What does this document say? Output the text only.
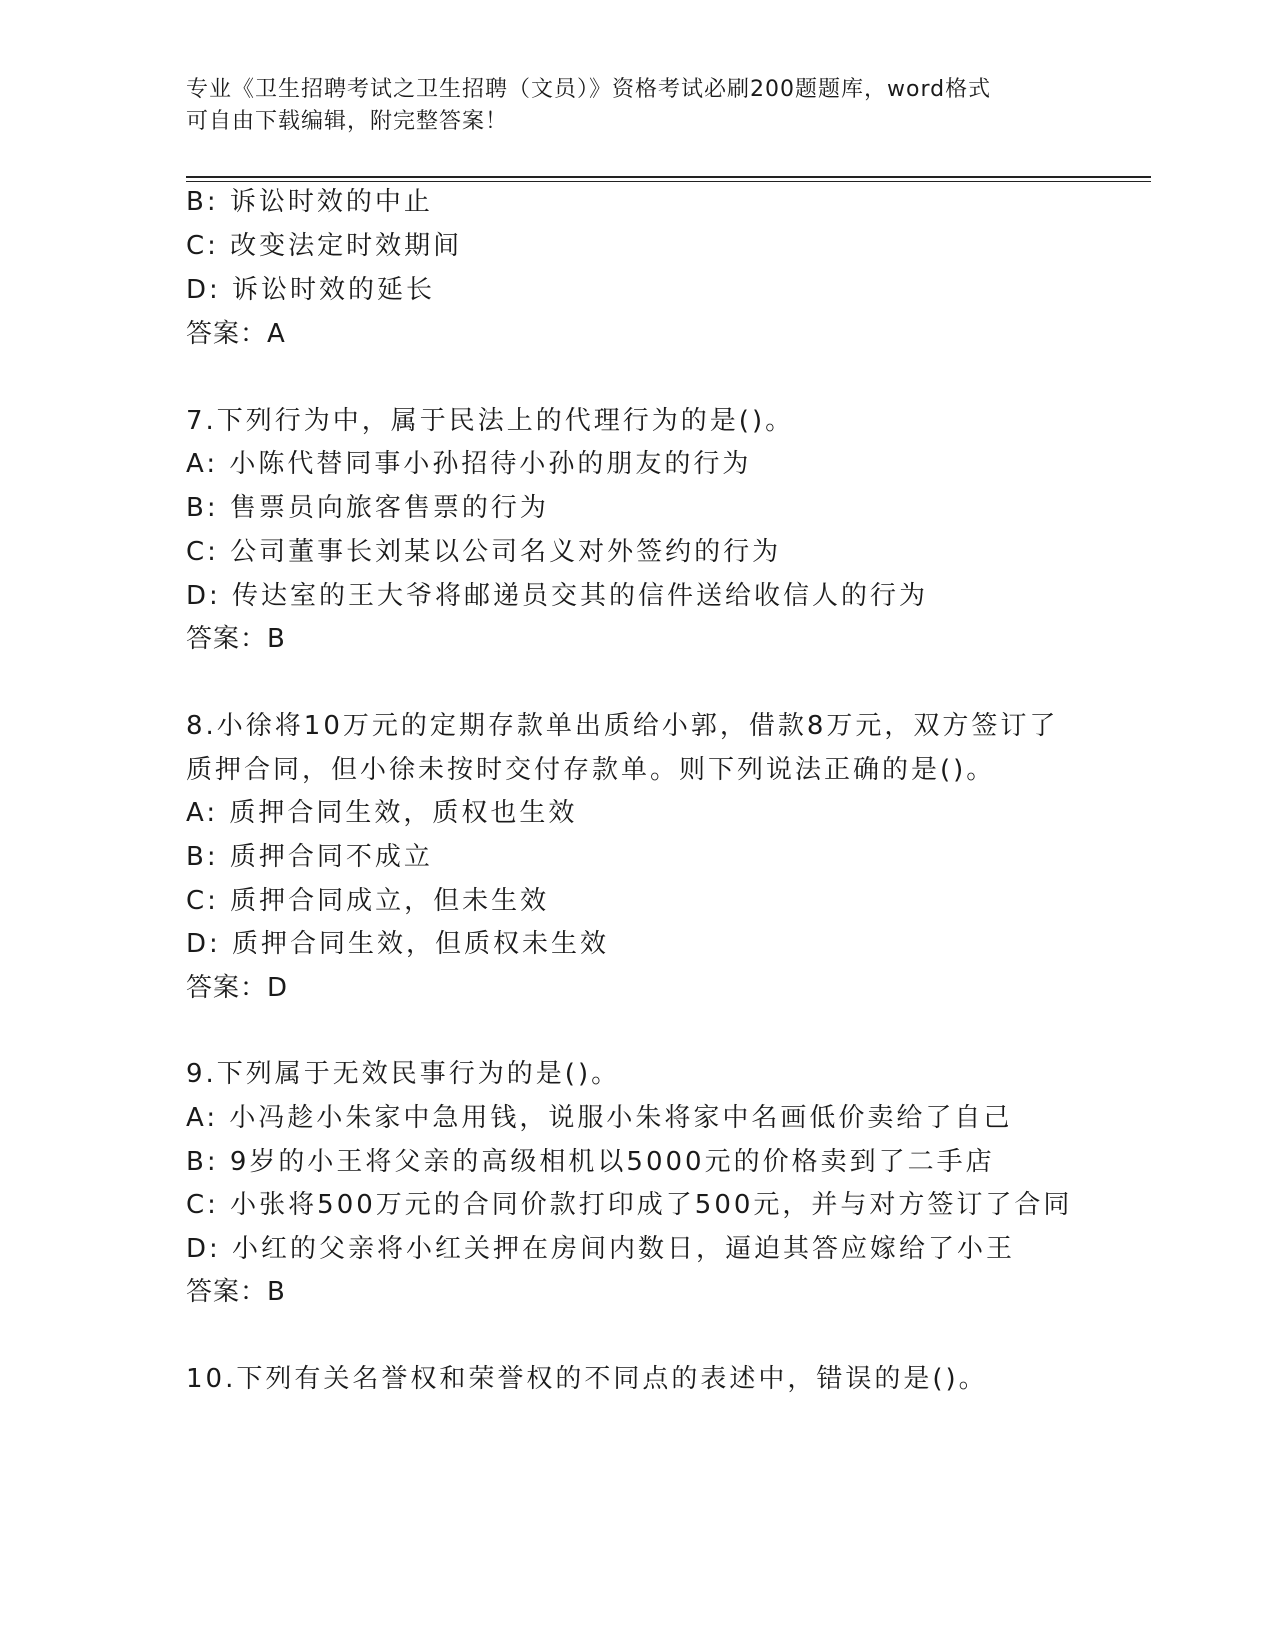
专业《卫生招聘考试之卫生招聘（文员）》资格考试必刷200题题库，word格式
可自由下载编辑，附完整答案！
B: 诉讼时效的中止
C: 改变法定时效期间
D: 诉讼时效的延长
答案：A
7.下列行为中，属于民法上的代理行为的是()。
A: 小陈代替同事小孙招待小孙的朋友的行为
B: 售票员向旅客售票的行为
C: 公司董事长刘某以公司名义对外签约的行为
D: 传达室的王大爷将邮递员交其的信件送给收信人的行为
答案：B
8.小徐将10万元的定期存款单出质给小郭，借款8万元，双方签订了
质押合同，但小徐未按时交付存款单。则下列说法正确的是()。
A: 质押合同生效，质权也生效
B: 质押合同不成立
C: 质押合同成立，但未生效
D: 质押合同生效，但质权未生效
答案：D
9.下列属于无效民事行为的是()。
A: 小冯趁小朱家中急用钱，说服小朱将家中名画低价卖给了自己
B: 9岁的小王将父亲的高级相机以5000元的价格卖到了二手店
C: 小张将500万元的合同价款打印成了500元，并与对方签订了合同
D: 小红的父亲将小红关押在房间内数日，逼迫其答应嫁给了小王
答案：B
10.下列有关名誉权和荣誉权的不同点的表述中，错误的是()。
